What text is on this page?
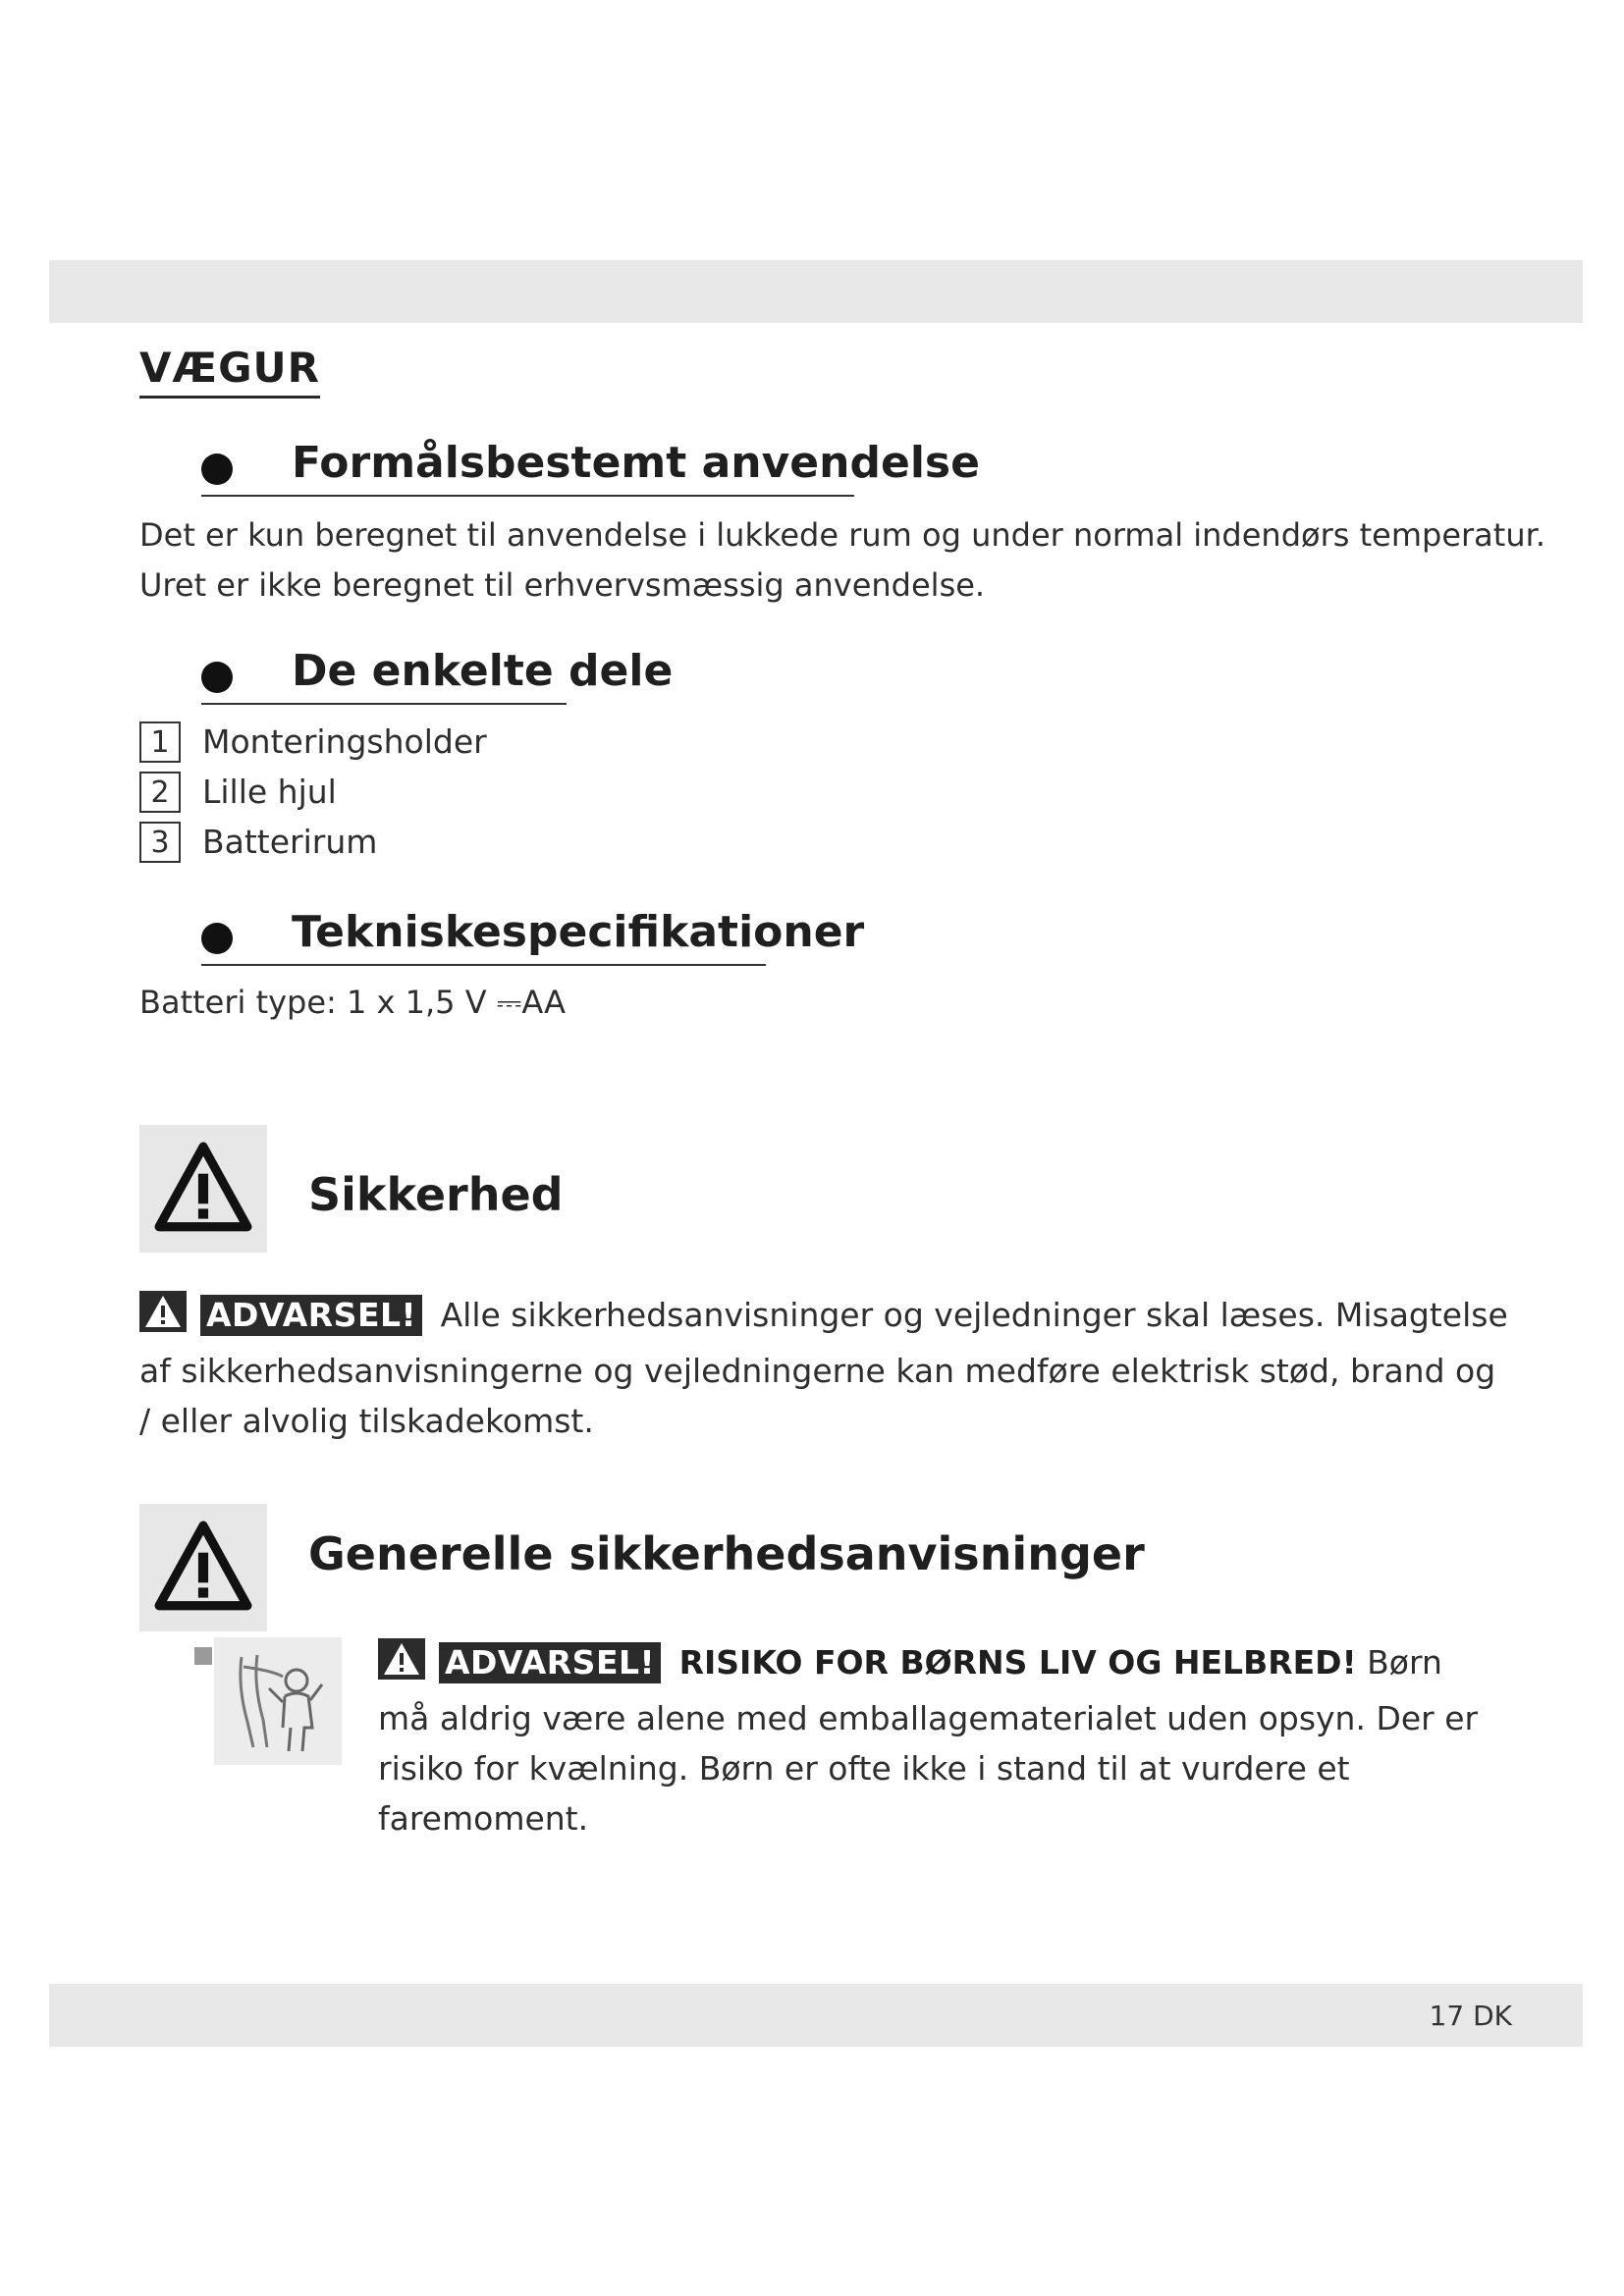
VÆGUR
Formålsbestemt anvendelse

Det er kun beregnet til anvendelse i lukkede rum og under normal indendørs temperatur.

Uret er ikke beregnet til erhvervsmæssig anvendelse.

De enkelte dele
1	Monteringsholder
2	Lille hjul
3	Batterirum
Tekniskespecifikationer

Batteri type: 1 x 1,5 V ⎓AA

Sikkerhed

ADVARSEL! Alle sikkerhedsanvisninger og vejledninger skal læses. Misagtelse af sikkerhedsanvisningerne og vejledningerne kan medføre elektrisk stød, brand og / eller alvolig tilskadekomst.

Generelle sikkerhedsanvisninger

ADVARSEL! RISIKO FOR BØRNS LIV OG HELBRED! Børn må aldrig være alene med emballagematerialet uden opsyn. Der er risiko for kvælning. Børn er ofte ikke i stand til at vurdere et faremoment.

17 DK
